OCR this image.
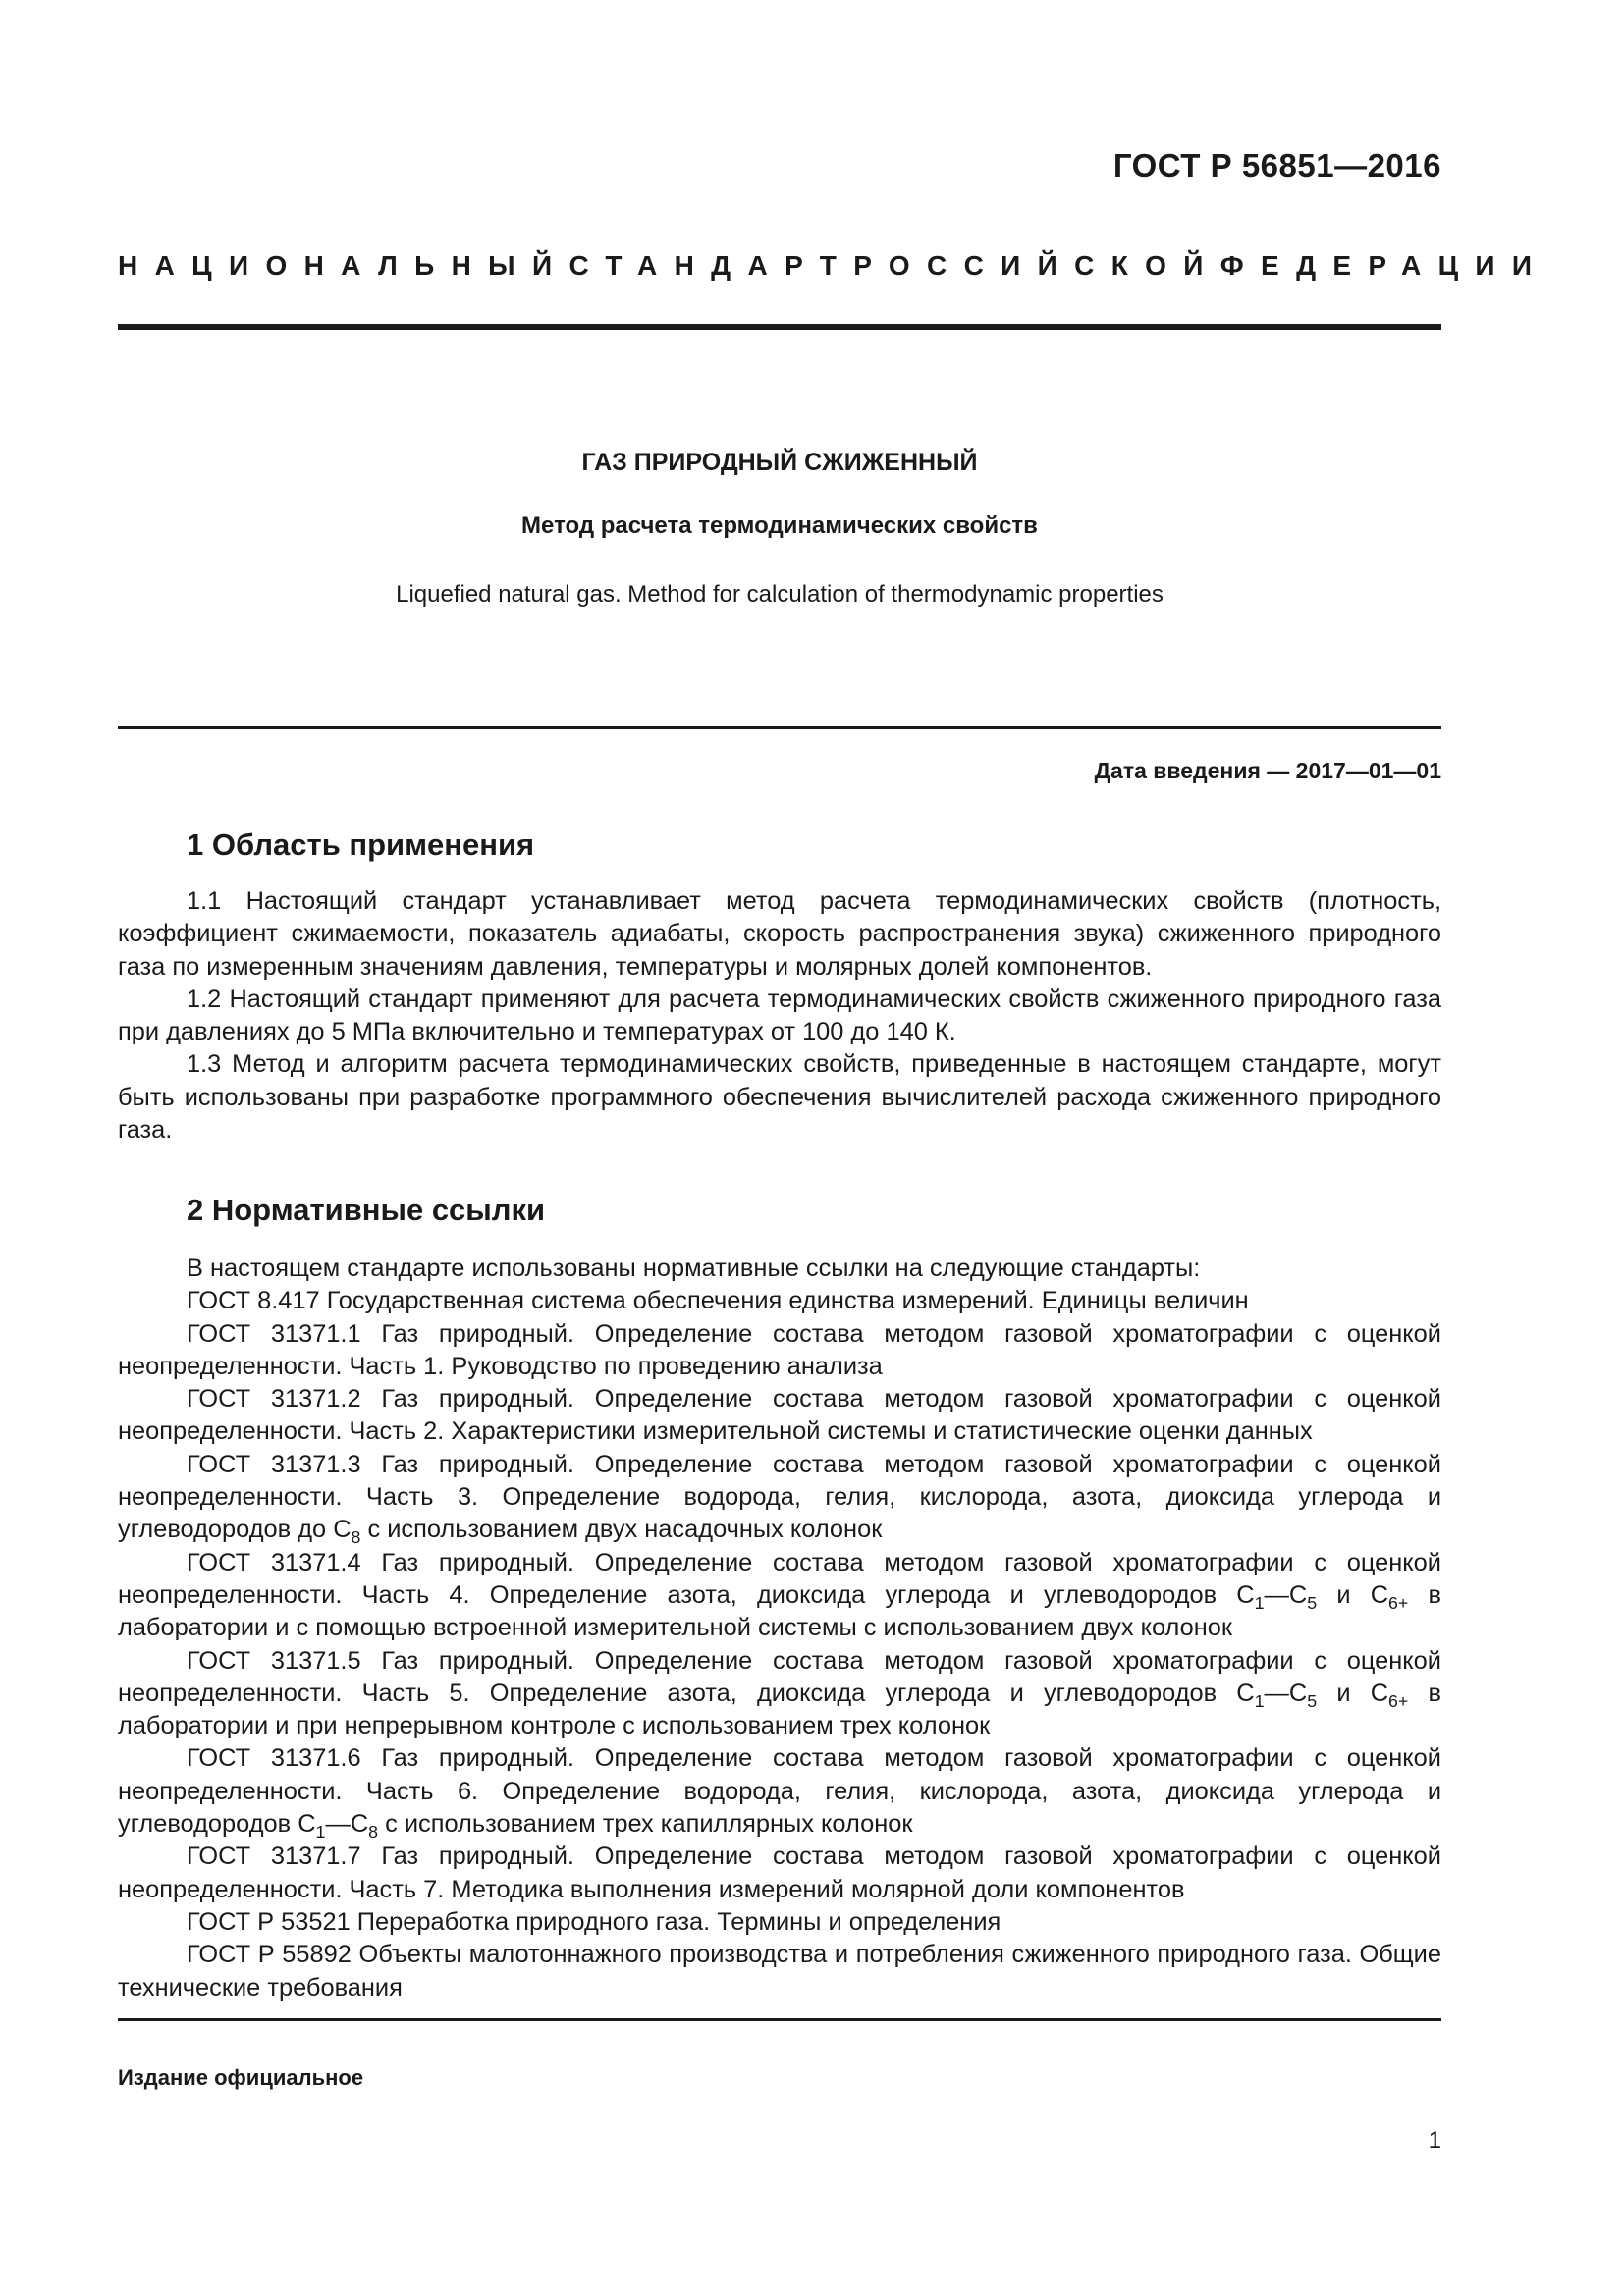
ГОСТ Р 56851—2016
НАЦИОНАЛЬНЫЙ СТАНДАРТ РОССИЙСКОЙ ФЕДЕРАЦИИ
ГАЗ ПРИРОДНЫЙ СЖИЖЕННЫЙ
Метод расчета термодинамических свойств
Liquefied natural gas. Method for calculation of thermodynamic properties
Дата введения — 2017—01—01
1 Область применения
1.1 Настоящий стандарт устанавливает метод расчета термодинамических свойств (плотность, коэффициент сжимаемости, показатель адиабаты, скорость распространения звука) сжиженного природного газа по измеренным значениям давления, температуры и молярных долей компонентов.
1.2 Настоящий стандарт применяют для расчета термодинамических свойств сжиженного природного газа при давлениях до 5 МПа включительно и температурах от 100 до 140 К.
1.3 Метод и алгоритм расчета термодинамических свойств, приведенные в настоящем стандарте, могут быть использованы при разработке программного обеспечения вычислителей расхода сжиженного природного газа.
2 Нормативные ссылки
В настоящем стандарте использованы нормативные ссылки на следующие стандарты:
ГОСТ 8.417 Государственная система обеспечения единства измерений. Единицы величин
ГОСТ 31371.1 Газ природный. Определение состава методом газовой хроматографии с оценкой неопределенности. Часть 1. Руководство по проведению анализа
ГОСТ 31371.2 Газ природный. Определение состава методом газовой хроматографии с оценкой неопределенности. Часть 2. Характеристики измерительной системы и статистические оценки данных
ГОСТ 31371.3 Газ природный. Определение состава методом газовой хроматографии с оценкой неопределенности. Часть 3. Определение водорода, гелия, кислорода, азота, диоксида углерода и углеводородов до $C_8$ с использованием двух насадочных колонок
ГОСТ 31371.4 Газ природный. Определение состава методом газовой хроматографии с оценкой неопределенности. Часть 4. Определение азота, диоксида углерода и углеводородов $C_1—C_5$ и $C_{6+}$ в лаборатории и с помощью встроенной измерительной системы с использованием двух колонок
ГОСТ 31371.5 Газ природный. Определение состава методом газовой хроматографии с оценкой неопределенности. Часть 5. Определение азота, диоксида углерода и углеводородов $C_1—C_5$ и $C_{6+}$ в лаборатории и при непрерывном контроле с использованием трех колонок
ГОСТ 31371.6 Газ природный. Определение состава методом газовой хроматографии с оценкой неопределенности. Часть 6. Определение водорода, гелия, кислорода, азота, диоксида углерода и углеводородов $C_1—C_8$ с использованием трех капиллярных колонок
ГОСТ 31371.7 Газ природный. Определение состава методом газовой хроматографии с оценкой неопределенности. Часть 7. Методика выполнения измерений молярной доли компонентов
ГОСТ Р 53521 Переработка природного газа. Термины и определения
ГОСТ Р 55892 Объекты малотоннажного производства и потребления сжиженного природного газа. Общие технические требования
Издание официальное
1
